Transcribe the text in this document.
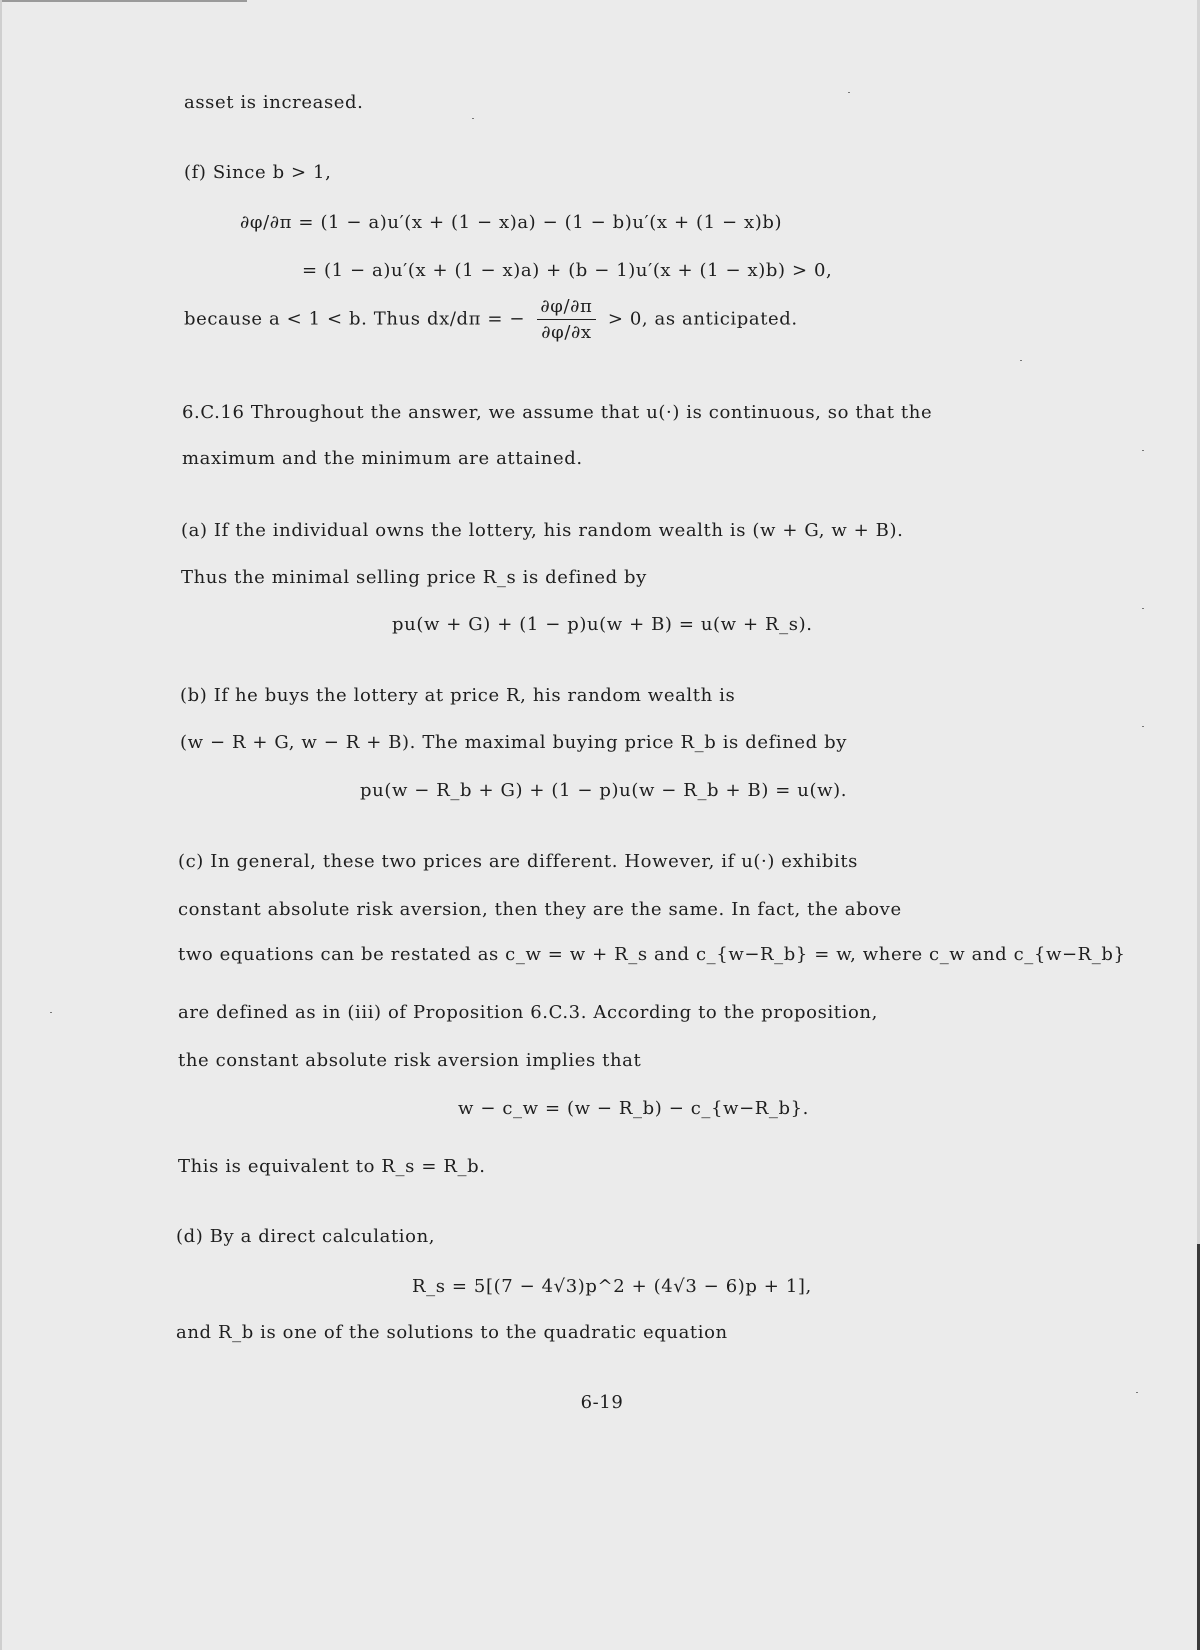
asset is increased.
(f) Since b > 1,
∂φ/∂π = (1 − a)u′(x + (1 − x)a) − (1 − b)u′(x + (1 − x)b)
= (1 − a)u′(x + (1 − x)a) + (b − 1)u′(x + (1 − x)b) > 0,
because a < 1 < b. Thus dx/dπ = − $\frac{\partial\varphi/\partial\pi}{\partial\varphi/\partial x} > 0$, as anticipated.
6.C.16 Throughout the answer, we assume that u(·) is continuous, so that the
maximum and the minimum are attained.
(a) If the individual owns the lottery, his random wealth is (w + G, w + B).
Thus the minimal selling price R_s is defined by
pu(w + G) + (1 − p)u(w + B) = u(w + R_s).
(b) If he buys the lottery at price R, his random wealth is
(w − R + G, w − R + B). The maximal buying price R_b is defined by
pu(w − R_b + G) + (1 − p)u(w − R_b + B) = u(w).
(c) In general, these two prices are different. However, if u(·) exhibits
constant absolute risk aversion, then they are the same. In fact, the above
two equations can be restated as c_w = w + R_s and c_{w−R_b} = w, where c_w and c_{w−R_b}
are defined as in (iii) of Proposition 6.C.3. According to the proposition,
the constant absolute risk aversion implies that
w − c_w = (w − R_b) − c_{w−R_b}.
This is equivalent to R_s = R_b.
(d) By a direct calculation,
R_s = 5[(7 − 4√3)p^2 + (4√3 − 6)p + 1],
and R_b is one of the solutions to the quadratic equation
6-19
